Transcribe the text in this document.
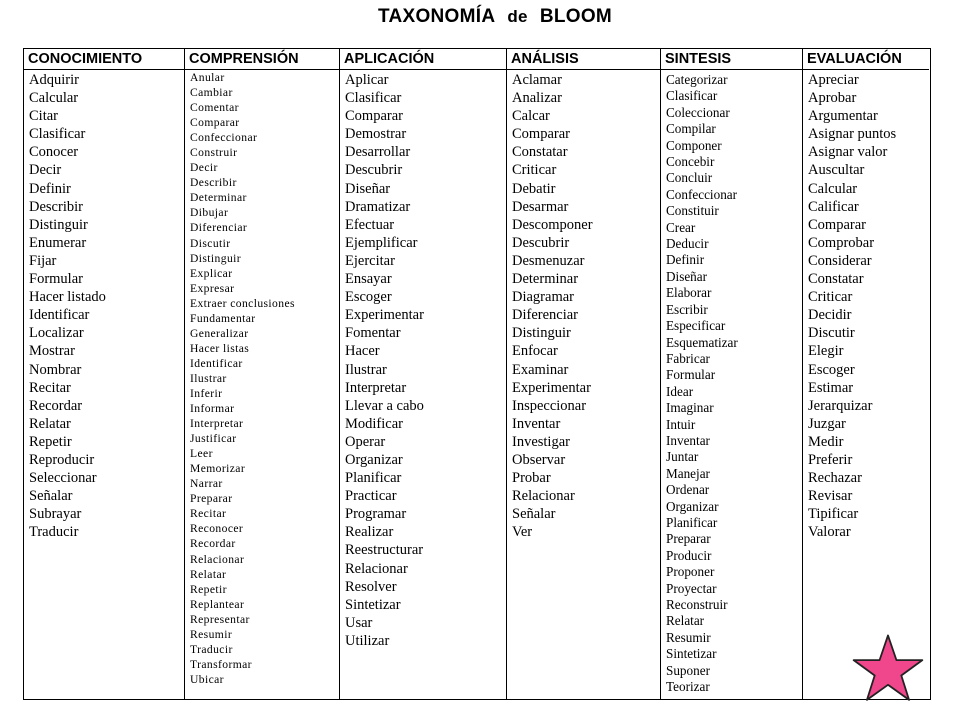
TAXONOMÍA de BLOOM
CONOCIMIENTO
Adquirir
Calcular
Citar
Clasificar
Conocer
Decir
Definir
Describir
Distinguir
Enumerar
Fijar
Formular
Hacer listado
Identificar
Localizar
Mostrar
Nombrar
Recitar
Recordar
Relatar
Repetir
Reproducir
Seleccionar
Señalar
Subrayar
Traducir
COMPRENSIÓN
Anular
Cambiar
Comentar
Comparar
Confeccionar
Construir
Decir
Describir
Determinar
Dibujar
Diferenciar
Discutir
Distinguir
Explicar
Expresar
Extraer conclusiones
Fundamentar
Generalizar
Hacer listas
Identificar
Ilustrar
Inferir
Informar
Interpretar
Justificar
Leer
Memorizar
Narrar
Preparar
Recitar
Reconocer
Recordar
Relacionar
Relatar
Repetir
Replantear
Representar
Resumir
Traducir
Transformar
Ubicar
APLICACIÓN
Aplicar
Clasificar
Comparar
Demostrar
Desarrollar
Descubrir
Diseñar
Dramatizar
Efectuar
Ejemplificar
Ejercitar
Ensayar
Escoger
Experimentar
Fomentar
Hacer
Ilustrar
Interpretar
Llevar a cabo
Modificar
Operar
Organizar
Planificar
Practicar
Programar
Realizar
Reestructurar
Relacionar
Resolver
Sintetizar
Usar
Utilizar
ANÁLISIS
Aclamar
Analizar
Calcar
Comparar
Constatar
Criticar
Debatir
Desarmar
Descomponer
Descubrir
Desmenuzar
Determinar
Diagramar
Diferenciar
Distinguir
Enfocar
Examinar
Experimentar
Inspeccionar
Inventar
Investigar
Observar
Probar
Relacionar
Señalar
Ver
SINTESIS
Categorizar
Clasificar
Coleccionar
Compilar
Componer
Concebir
Concluir
Confeccionar
Constituir
Crear
Deducir
Definir
Diseñar
Elaborar
Escribir
Especificar
Esquematizar
Fabricar
Formular
Idear
Imaginar
Intuir
Inventar
Juntar
Manejar
Ordenar
Organizar
Planificar
Preparar
Producir
Proponer
Proyectar
Reconstruir
Relatar
Resumir
Sintetizar
Suponer
Teorizar
EVALUACIÓN
Apreciar
Aprobar
Argumentar
Asignar puntos
Asignar valor
Auscultar
Calcular
Calificar
Comparar
Comprobar
Considerar
Constatar
Criticar
Decidir
Discutir
Elegir
Escoger
Estimar
Jerarquizar
Juzgar
Medir
Preferir
Rechazar
Revisar
Tipificar
Valorar
